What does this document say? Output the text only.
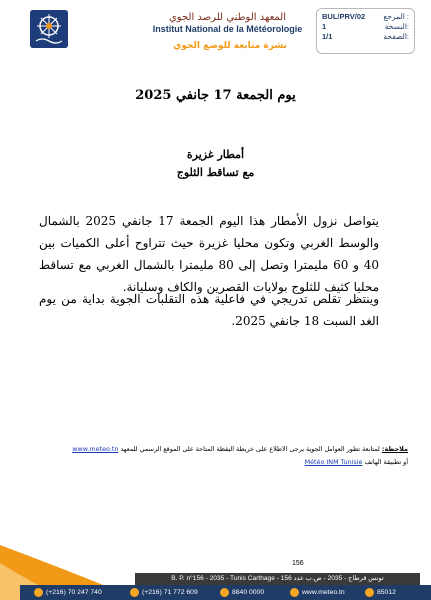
المعهد الوطني للرصد الجوي
Institut National de la Météorologie
نشرة متابعة للوضع الجوي
BUL/PRV/02 المرجع :
1	النسخة:
1/1	الصفحة:
يوم الجمعة 17 جانفي 2025
أمطار غزيرة
مع تساقط الثلوج
يتواصل نزول الأمطار هذا اليوم الجمعة 17 جانفي 2025 بالشمال والوسط الغربي وتكون محليا غزيرة حيث تتراوح أعلى الكميات بين 40 و 60 مليمترا وتصل إلى 80 مليمترا بالشمال الغربي مع تساقط محليا كثيف للثلوج بولايات القصرين والكاف وسليانة.
وينتظر تقلص تدريجي في فاعلية هذه التقلبات الجوية بداية من يوم الغد السبت 18 جانفي 2025.
ملاحظة: لمتابعة تطور العوامل الجوية يرجى الاطلاع على خريطة اليقظة المتاحة على الموقع الرسمي للمعهد www.meteo.tn
أو تطبيقة الهاتف Météo INM Tunisie
156
B. P. n°156 - 2035 - Tunis Carthage - تونس قرطاج - 2035 - ص.ب عدد 156
(+216) 70 247 740	(+216) 71 772 609	8840 0000	www.meteo.tn	85012
